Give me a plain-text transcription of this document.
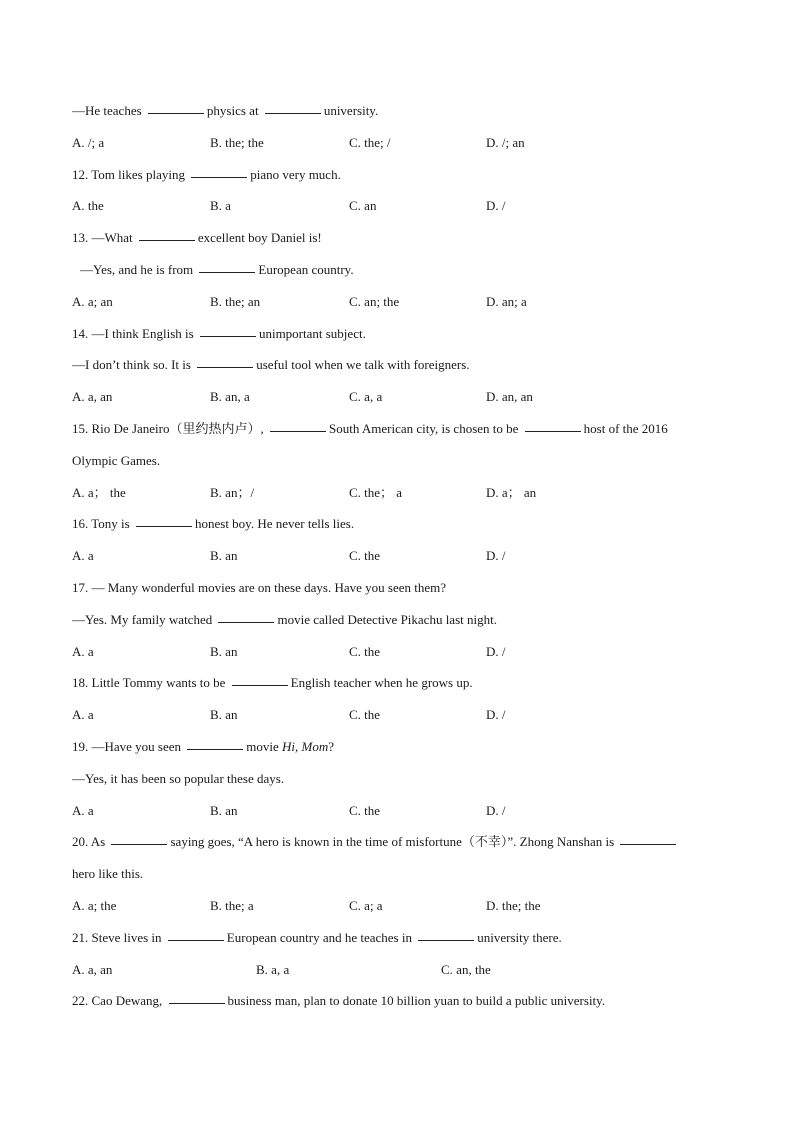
—He teaches	physics at	university.
A. /; a	B. the; the	C. the; /	D. /; an
12. Tom likes playing	piano very much.
A. the	B. a	C. an	D. /
13. —What	excellent boy Daniel is!
—Yes, and he is from	European country.
A. a; an	B. the; an	C. an; the	D. an; a
14. —I think English is	unimportant subject.
—I don’t think so. It is	useful tool when we talk with foreigners.
A. a, an	B. an, a	C. a, a	D. an, an
15. Rio De Janeiro（里约热内卢）,	South American city, is chosen to be	host of the 2016
Olympic Games.
A. a； the	B. an；/	C. the； a	D. a； an
16. Tony is	honest boy. He never tells lies.
A. a	B. an	C. the	D. /
17. — Many wonderful movies are on these days. Have you seen them?
—Yes. My family watched	movie called Detective Pikachu last night.
A. a	B. an	C. the	D. /
18. Little Tommy wants to be	English teacher when he grows up.
A. a	B. an	C. the	D. /
19. —Have you seen	movie Hi, Mom?
—Yes, it has been so popular these days.
A. a	B. an	C. the	D. /
20. As	saying goes, “A hero is known in the time of misfortune（不幸）”. Zhong Nanshan is
hero like this.
A. a; the	B. the; a	C. a; a	D. the; the
21. Steve lives in	European country and he teaches in	university there.
A. a, an	B. a, a	C. an, the
22. Cao Dewang,	business man, plan to donate 10 billion yuan to build a public university.
